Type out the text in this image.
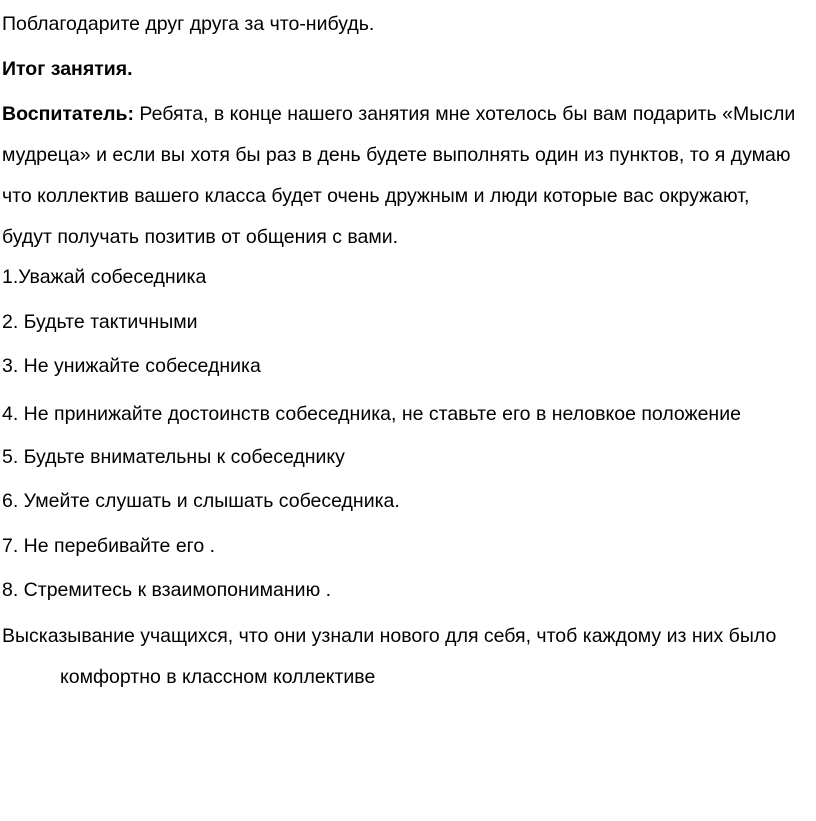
Поблагодарите друг друга за что-нибудь.
Итог занятия.
Воспитатель: Ребята, в конце нашего занятия мне хотелось бы вам подарить «Мысли мудреца» и если вы хотя бы раз в день будете выполнять один из пунктов, то я думаю что коллектив вашего класса будет очень дружным и люди которые вас окружают, будут получать позитив от общения с вами.
1.Уважай собеседника
2. Будьте тактичными
3. Не унижайте собеседника
4. Не принижайте достоинств собеседника, не ставьте его в неловкое положение
5. Будьте внимательны к собеседнику
6. Умейте слушать и слышать собеседника.
7. Не перебивайте его .
8. Стремитесь к взаимопониманию .
Высказывание учащихся, что они узнали нового для себя, чтоб каждому из них было комфортно в классном коллективе
